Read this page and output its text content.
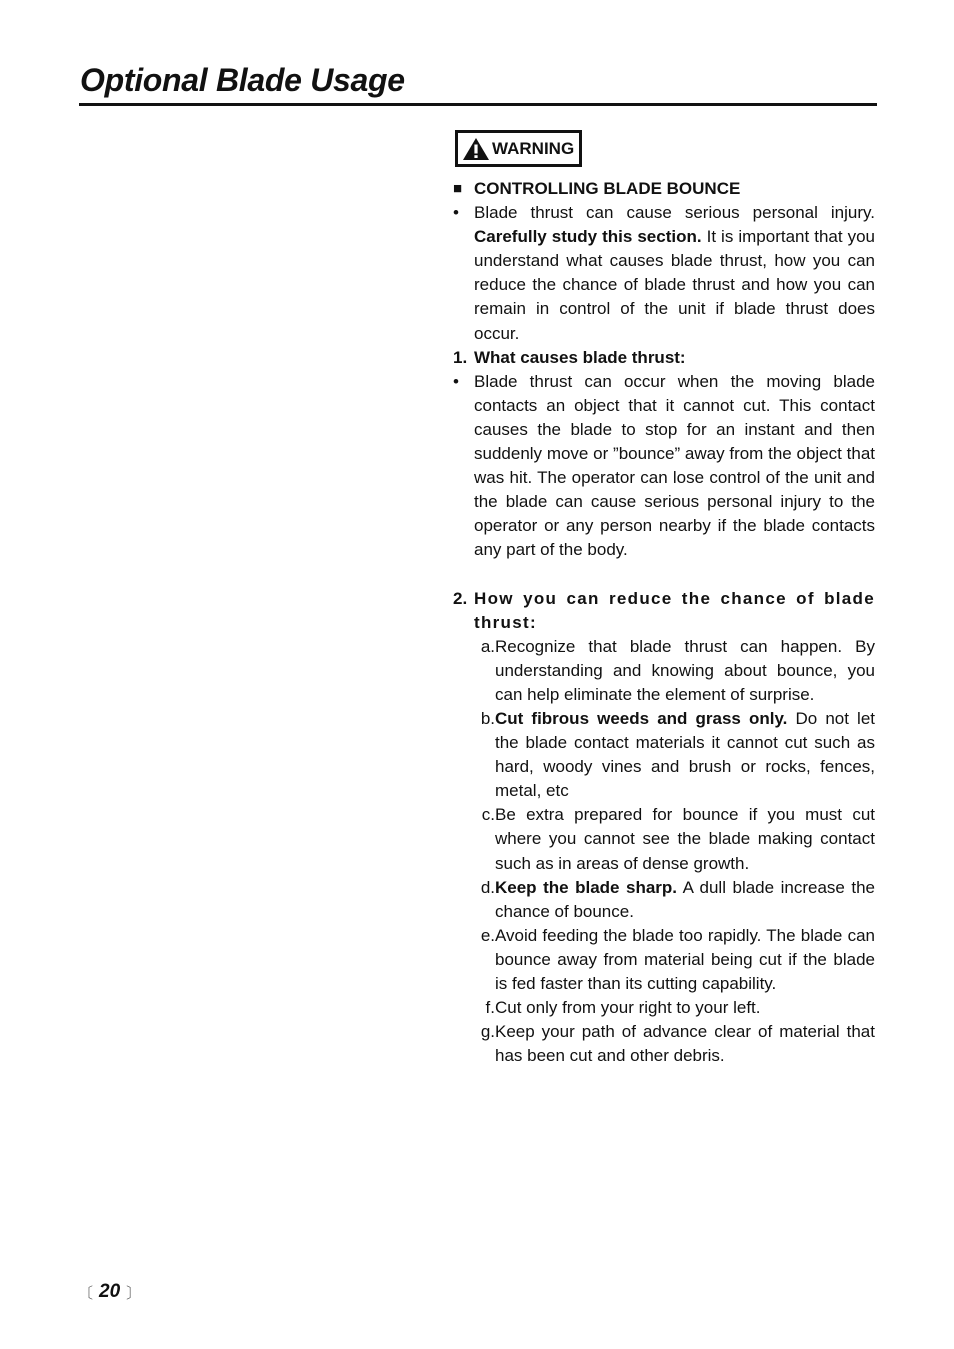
Optional Blade Usage
WARNING
■ CONTROLLING BLADE BOUNCE
• Blade thrust can cause serious personal injury. Carefully study this section. It is important that you understand what causes blade thrust, how you can reduce the chance of blade thrust and how you can remain in control of the unit if blade thrust does occur.
1. What causes blade thrust:
• Blade thrust can occur when the moving blade contacts an object that it cannot cut. This contact causes the blade to stop for an instant and then suddenly move or ”bounce” away from the object that was hit. The operator can lose control of the unit and the blade can cause serious personal injury to the operator or any person nearby if the blade contacts any part of the body.
2. How you can reduce the chance of blade thrust:
a. Recognize that blade thrust can happen. By understanding and knowing about bounce, you can help eliminate the element of surprise.
b. Cut fibrous weeds and grass only. Do not let the blade contact materials it cannot cut such as hard, woody vines and brush or rocks, fences, metal, etc
c. Be extra prepared for bounce if you must cut where you cannot see the blade making contact such as in areas of dense growth.
d. Keep the blade sharp. A dull blade increase the chance of bounce.
e. Avoid feeding the blade too rapidly. The blade can bounce away from material being cut if the blade is fed faster than its cutting capability.
f. Cut only from your right to your left.
g. Keep your path of advance clear of material that has been cut and other debris.
〔 20 〕
